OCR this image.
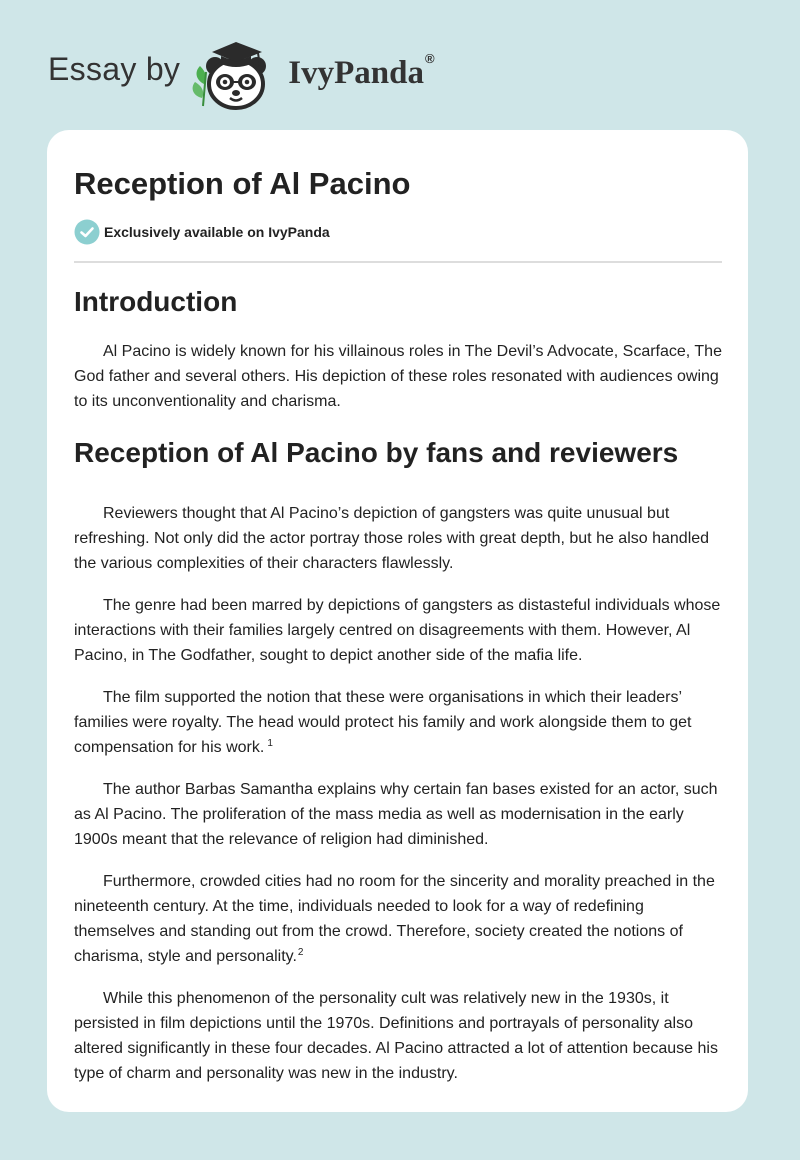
Essay by	IvyPanda®
Reception of Al Pacino
Exclusively available on IvyPanda
Introduction

Al Pacino is widely known for his villainous roles in The Devil’s Advocate, Scarface, The God father and several others. His depiction of these roles resonated with audiences owing to its unconventionality and charisma.

Reception of Al Pacino by fans and reviewers

Reviewers thought that Al Pacino’s depiction of gangsters was quite unusual but refreshing. Not only did the actor portray those roles with great depth, but he also handled the various complexities of their characters flawlessly.

The genre had been marred by depictions of gangsters as distasteful individuals whose interactions with their families largely centred on disagreements with them. However, Al Pacino, in The Godfather, sought to depict another side of the mafia life.

The film supported the notion that these were organisations in which their leaders’ families were royalty. The head would protect his family and work alongside them to get compensation for his work. $^1$

The author Barbas Samantha explains why certain fan bases existed for an actor, such as Al Pacino. The proliferation of the mass media as well as modernisation in the early 1900s meant that the relevance of religion had diminished.

Furthermore, crowded cities had no room for the sincerity and morality preached in the nineteenth century. At the time, individuals needed to look for a way of redefining themselves and standing out from the crowd. Therefore, society created the notions of charisma, style and personality.$^2$

While this phenomenon of the personality cult was relatively new in the 1930s, it persisted in film depictions until the 1970s. Definitions and portrayals of personality also altered significantly in these four decades. Al Pacino attracted a lot of attention because his type of charm and personality was new in the industry.
